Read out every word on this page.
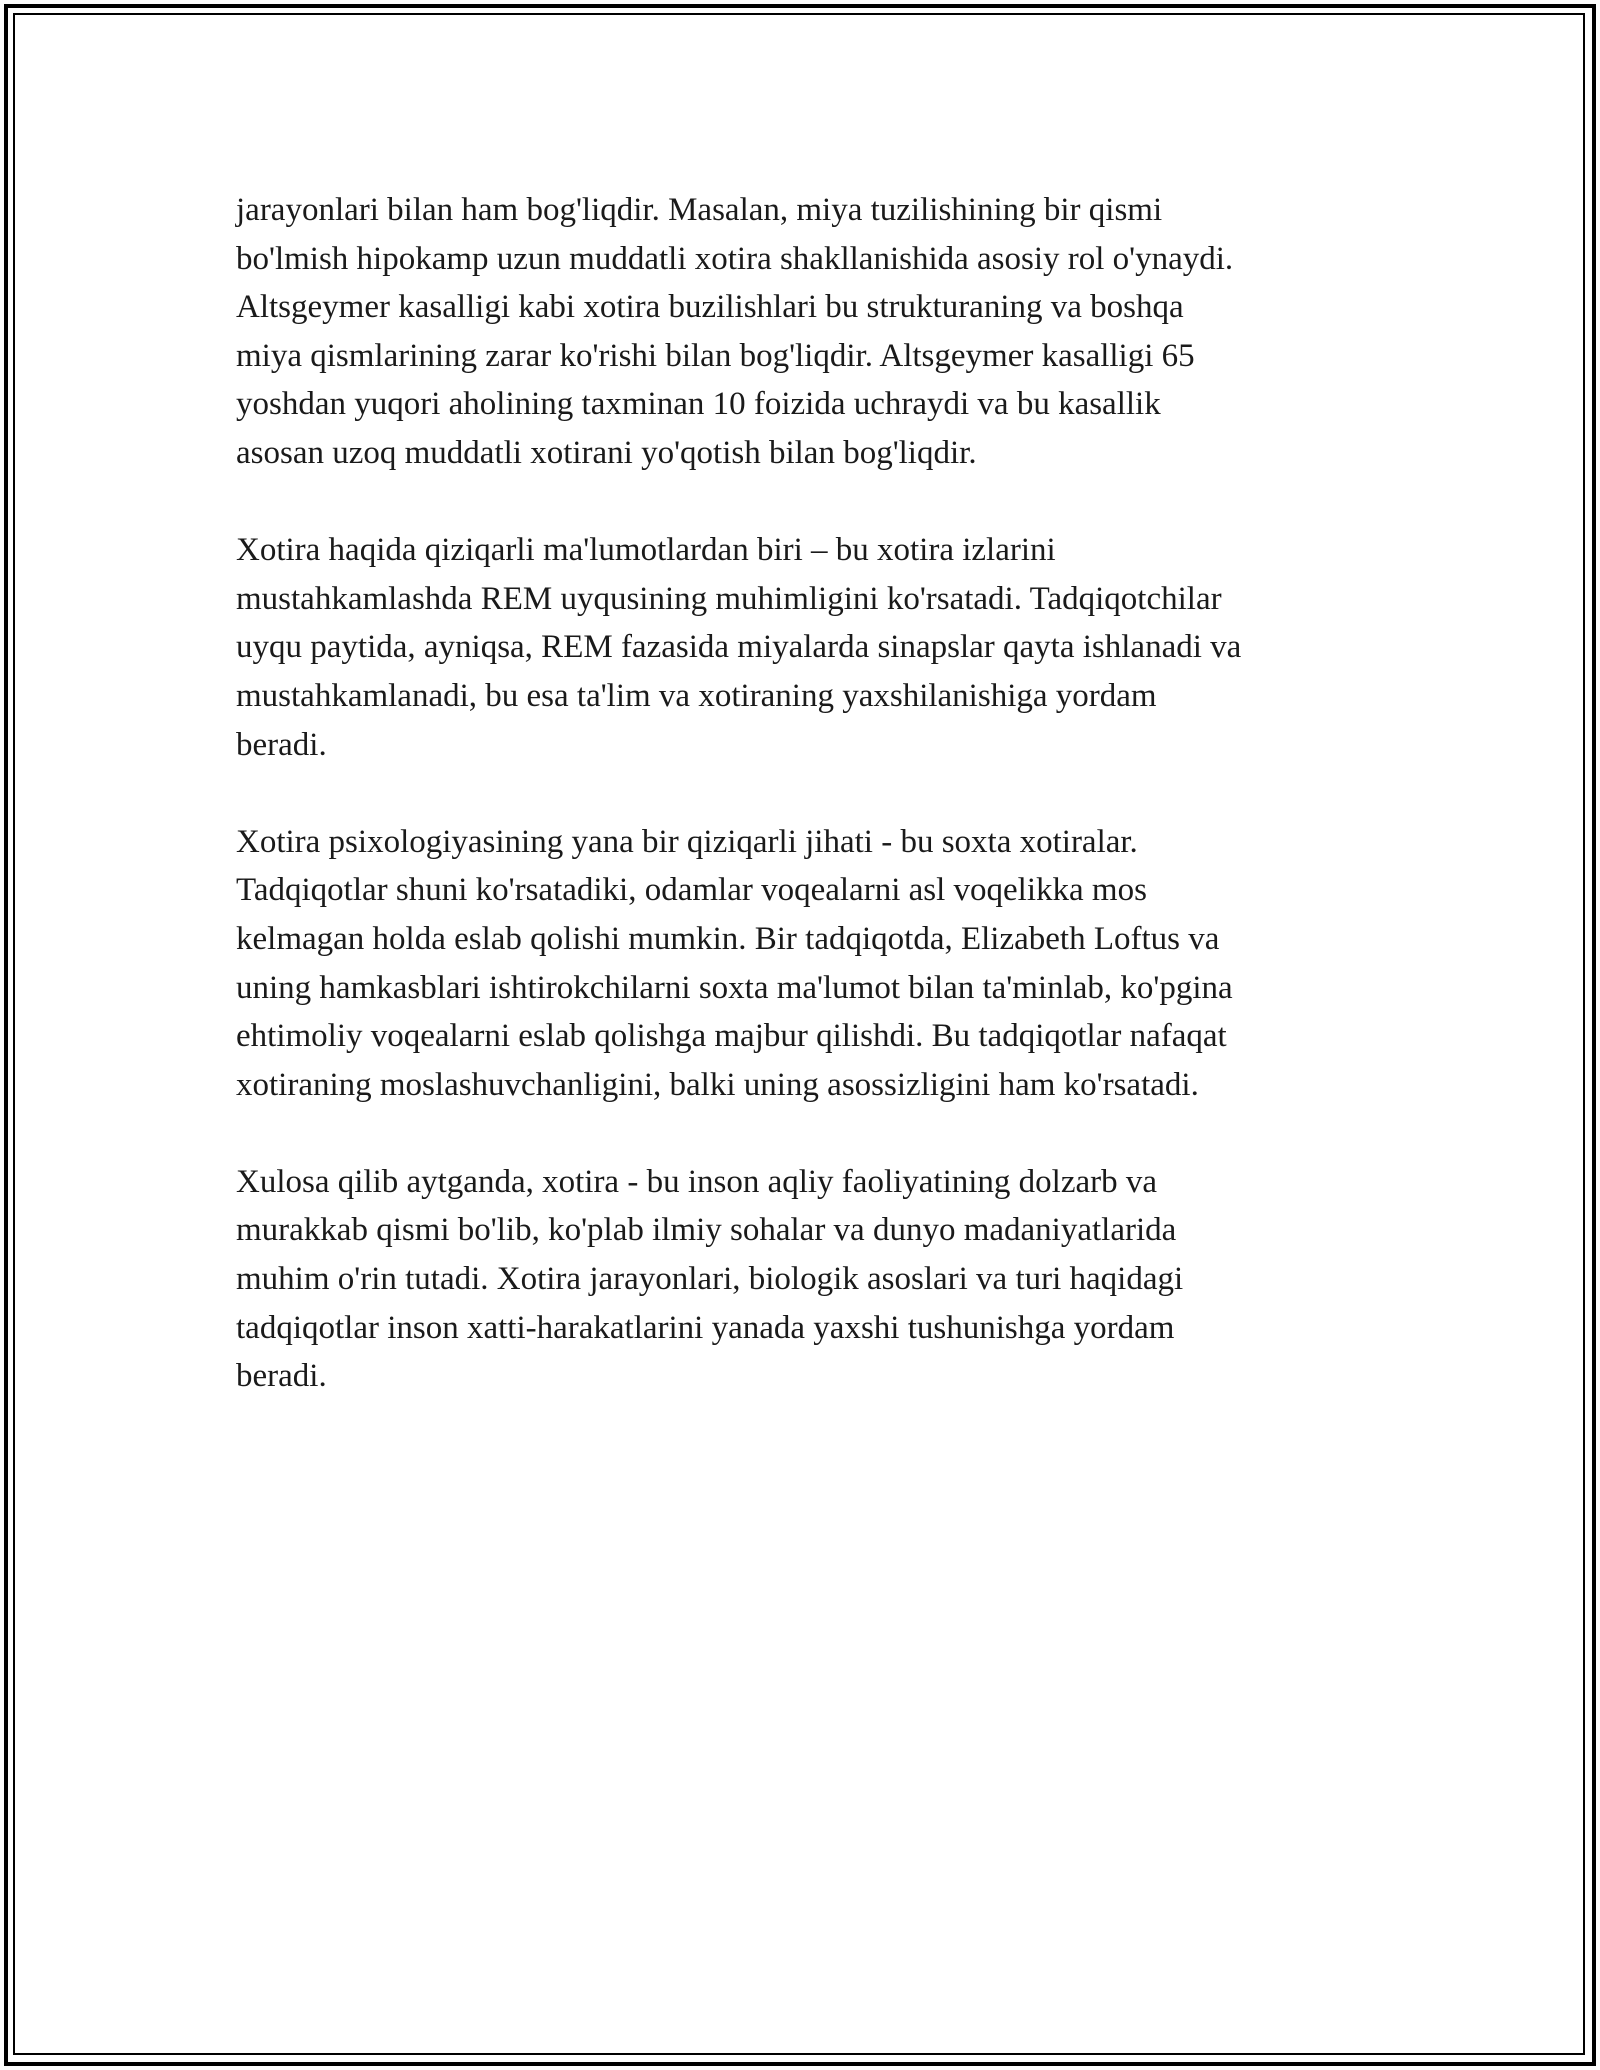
jarayonlari bilan ham bog'liqdir. Masalan, miya tuzilishining bir qismi
bo'lmish hipokamp uzun muddatli xotira shakllanishida asosiy rol o'ynaydi.
Altsgeymer kasalligi kabi xotira buzilishlari bu strukturaning va boshqa
miya qismlarining zarar ko'rishi bilan bog'liqdir. Altsgeymer kasalligi 65
yoshdan yuqori aholining taxminan 10 foizida uchraydi va bu kasallik
asosan uzoq muddatli xotirani yo'qotish bilan bog'liqdir.

Xotira haqida qiziqarli ma'lumotlardan biri – bu xotira izlarini
mustahkamlashda REM uyqusining muhimligini ko'rsatadi. Tadqiqotchilar
uyqu paytida, ayniqsa, REM fazasida miyalarda sinapslar qayta ishlanadi va
mustahkamlanadi, bu esa ta'lim va xotiraning yaxshilanishiga yordam
beradi.

Xotira psixologiyasining yana bir qiziqarli jihati - bu soxta xotiralar.
Tadqiqotlar shuni ko'rsatadiki, odamlar voqealarni asl voqelikka mos
kelmagan holda eslab qolishi mumkin. Bir tadqiqotda, Elizabeth Loftus va
uning hamkasblari ishtirokchilarni soxta ma'lumot bilan ta'minlab, ko'pgina
ehtimoliy voqealarni eslab qolishga majbur qilishdi. Bu tadqiqotlar nafaqat
xotiraning moslashuvchanligini, balki uning asossizligini ham ko'rsatadi.

Xulosa qilib aytganda, xotira - bu inson aqliy faoliyatining dolzarb va
murakkab qismi bo'lib, ko'plab ilmiy sohalar va dunyo madaniyatlarida
muhim o'rin tutadi. Xotira jarayonlari, biologik asoslari va turi haqidagi
tadqiqotlar inson xatti-harakatlarini yanada yaxshi tushunishga yordam
beradi.
